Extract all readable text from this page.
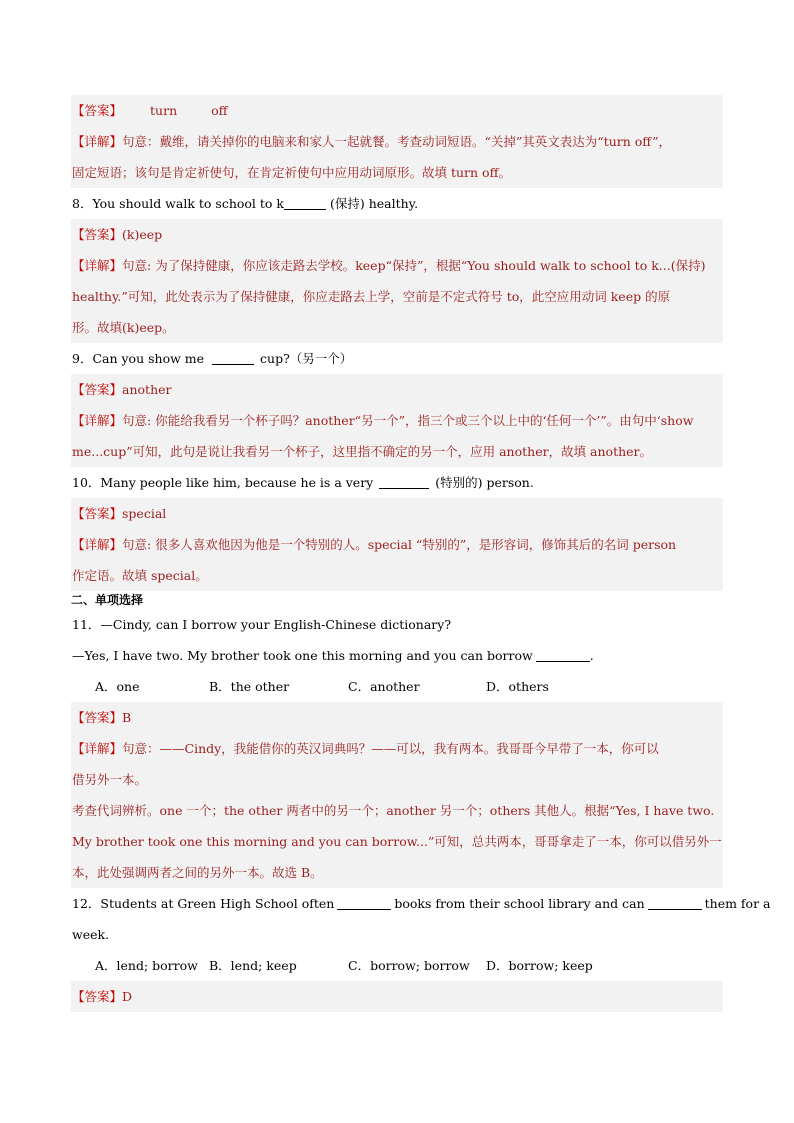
【答案】 turn	off
【详解】句意：戴维，请关掉你的电脑来和家人一起就餐。考查动词短语。“关掉”其英文表达为“turn off”，
固定短语；该句是肯定祈使句，在肯定祈使句中应用动词原形。故填 turn off。
8．You should walk to school to k	(保持) healthy.
【答案】(k)eep
【详解】句意: 为了保持健康，你应该走路去学校。keep“保持”，根据“You should walk to school to k...(保持)
healthy.”可知，此处表示为了保持健康，你应走路去上学，空前是不定式符号 to，此空应用动词 keep 的原
形。故填(k)eep。
9．Can you show me	cup?（另一个）
【答案】another
【详解】句意: 你能给我看另一个杯子吗？another“另一个”，指三个或三个以上中的‘任何一个’”。由句中‘show
me...cup”可知，此句是说让我看另一个杯子，这里指不确定的另一个，应用 another，故填 another。
10．Many people like him, because he is a very	(特别的) person.
【答案】special
【详解】句意: 很多人喜欢他因为他是一个特别的人。special “特别的”，是形容词，修饰其后的名词 person
作定语。故填 special。
二、单项选择
11．—Cindy, can I borrow your English-Chinese dictionary?
—Yes, I have two. My brother took one this morning and you can borrow	.
A．one	B．the other	C．another	D．others
【答案】B
【详解】句意：——Cindy，我能借你的英汉词典吗？——可以，我有两本。我哥哥今早带了一本，你可以
借另外一本。
考查代词辨析。one 一个；the other 两者中的另一个；another 另一个；others 其他人。根据“Yes, I have two.
My brother took one this morning and you can borrow...”可知，总共两本，哥哥拿走了一本，你可以借另外一
本，此处强调两者之间的另外一本。故选 B。
12．Students at Green High School often	books from their school library and can	them for a
week.
A．lend; borrow B．lend; keep	C．borrow; borrow	D．borrow; keep
【答案】D
